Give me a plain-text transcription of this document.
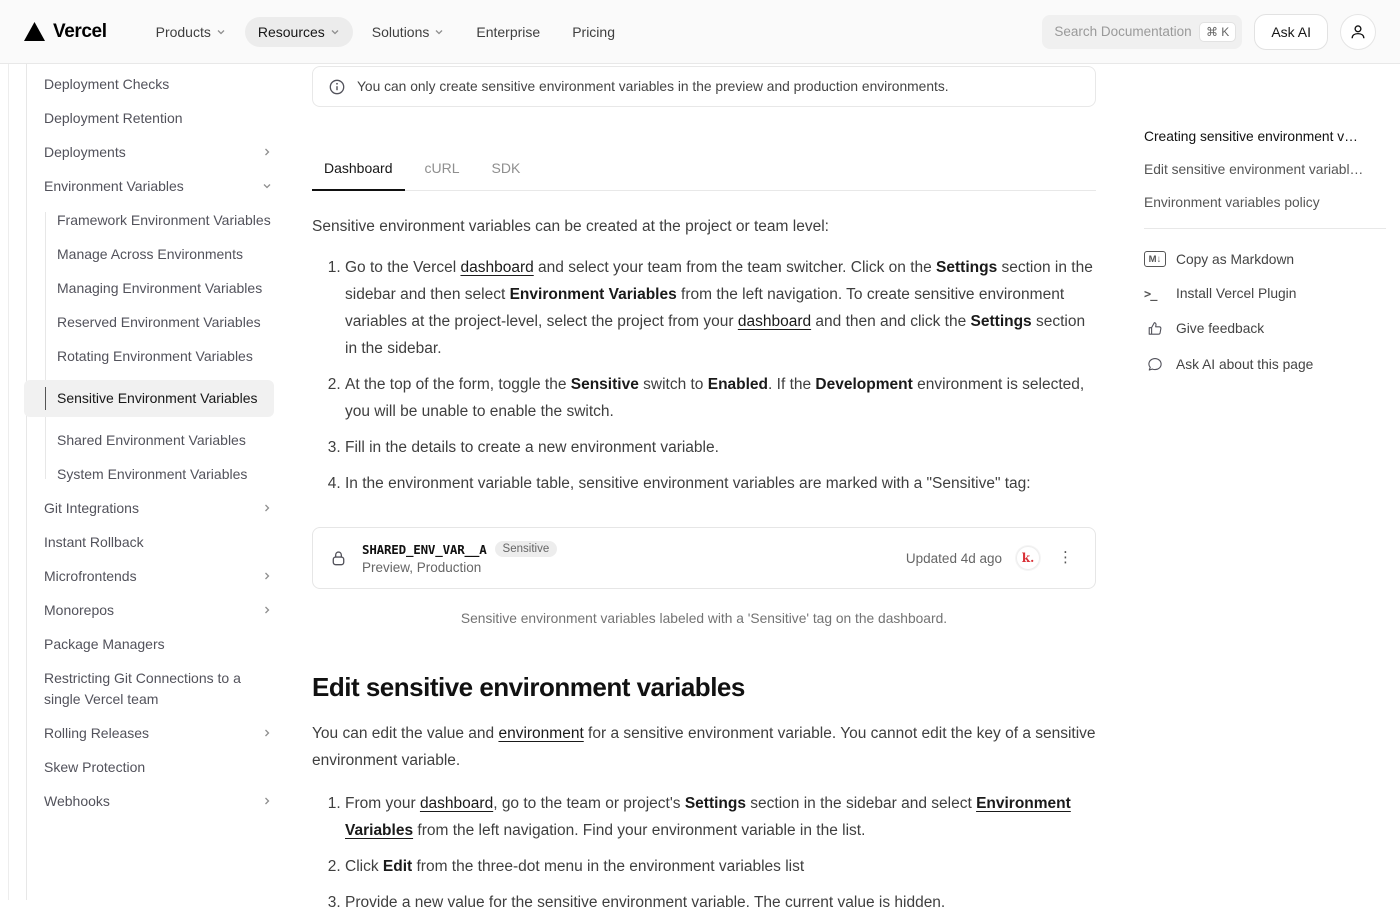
Vercel	Products	Resources	Solutions	Enterprise Pricing	Search Documentation	⌘ K	Ask AI
Deployment Checks
Deployment Retention
Deployments
Environment Variables
Framework Environment Variables
Manage Across Environments
Managing Environment Variables
Reserved Environment Variables
Rotating Environment Variables
Sensitive Environment Variables
Shared Environment Variables
System Environment Variables
Git Integrations
Instant Rollback
Microfrontends
Monorepos
Package Managers
Restricting Git Connections to a single Vercel team
Rolling Releases
Skew Protection
Webhooks
You can only create sensitive environment variables in the preview and production environments.
Dashboard	cURL	SDK

Sensitive environment variables can be created at the project or team level:

1. Go to the Vercel dashboard and select your team from the team switcher. Click on the Settings section in the sidebar and then select Environment Variables from the left navigation. To create sensitive environment variables at the project-level, select the project from your dashboard and then and click the Settings section in the sidebar.
2. At the top of the form, toggle the Sensitive switch to Enabled. If the Development environment is selected, you will be unable to enable the switch.
3. Fill in the details to create a new environment variable.
4. In the environment variable table, sensitive environment variables are marked with a "Sensitive" tag:
SHARED_ENV_VAR__A	Sensitive
Preview, Production
Updated 4d ago	k.	⋮

Sensitive environment variables labeled with a 'Sensitive' tag on the dashboard.

Edit sensitive environment variables

You can edit the value and environment for a sensitive environment variable. You cannot edit the key of a sensitive environment variable.

1. From your dashboard, go to the team or project's Settings section in the sidebar and select Environment Variables from the left navigation. Find your environment variable in the list.
2. Click Edit from the three-dot menu in the environment variables list
3. Provide a new value for the sensitive environment variable. The current value is hidden.
Creating sensitive environment v…
Edit sensitive environment variabl…
Environment variables policy
M↓	Copy as Markdown
>_	Install Vercel Plugin
Give feedback
Ask AI about this page
